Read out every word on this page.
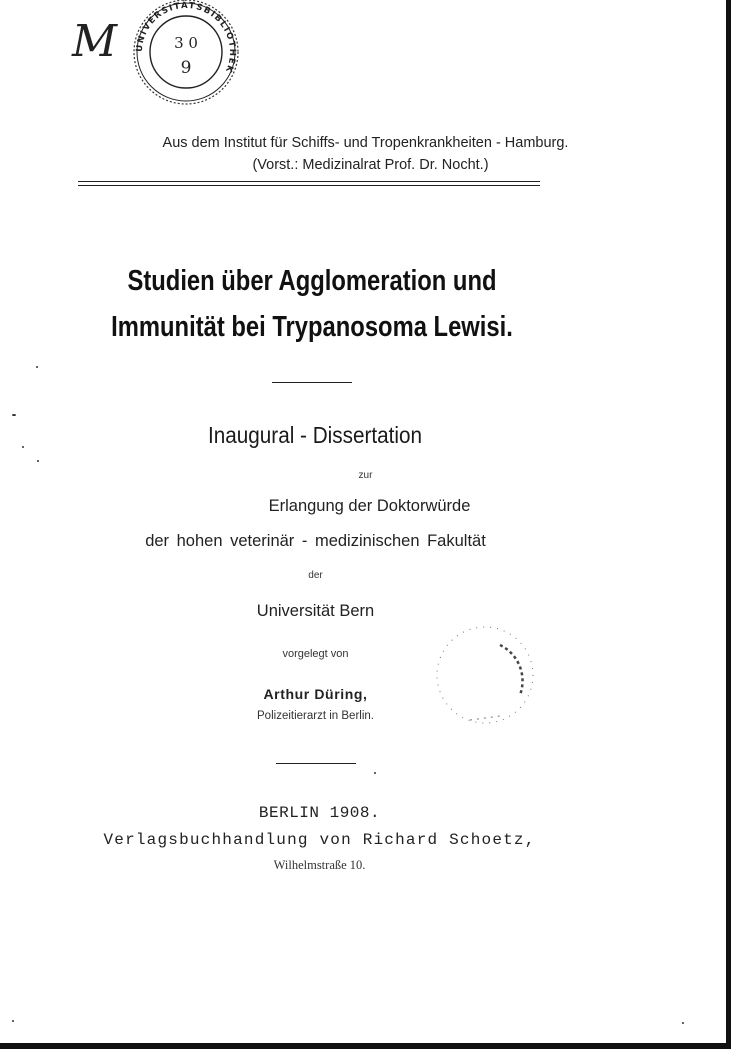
M UNIVERSITÄTSBIBLIOTHEK
3 0
9
Aus dem Institut für Schiffs- und Tropenkrankheiten - Hamburg.
(Vorst.: Medizinalrat Prof. Dr. Nocht.)
Studien über Agglomeration und
Immunität bei Trypanosoma Lewisi.
Inaugural - Dissertation
zur
Erlangung der Doktorwürde
der hohen veterinär - medizinischen Fakultät
der
Universität Bern
vorgelegt von
Arthur Düring,
Polizeitierarzt in Berlin.
BERLIN 1908.
Verlagsbuchhandlung von Richard Schoetz,
Wilhelmstraße 10.
